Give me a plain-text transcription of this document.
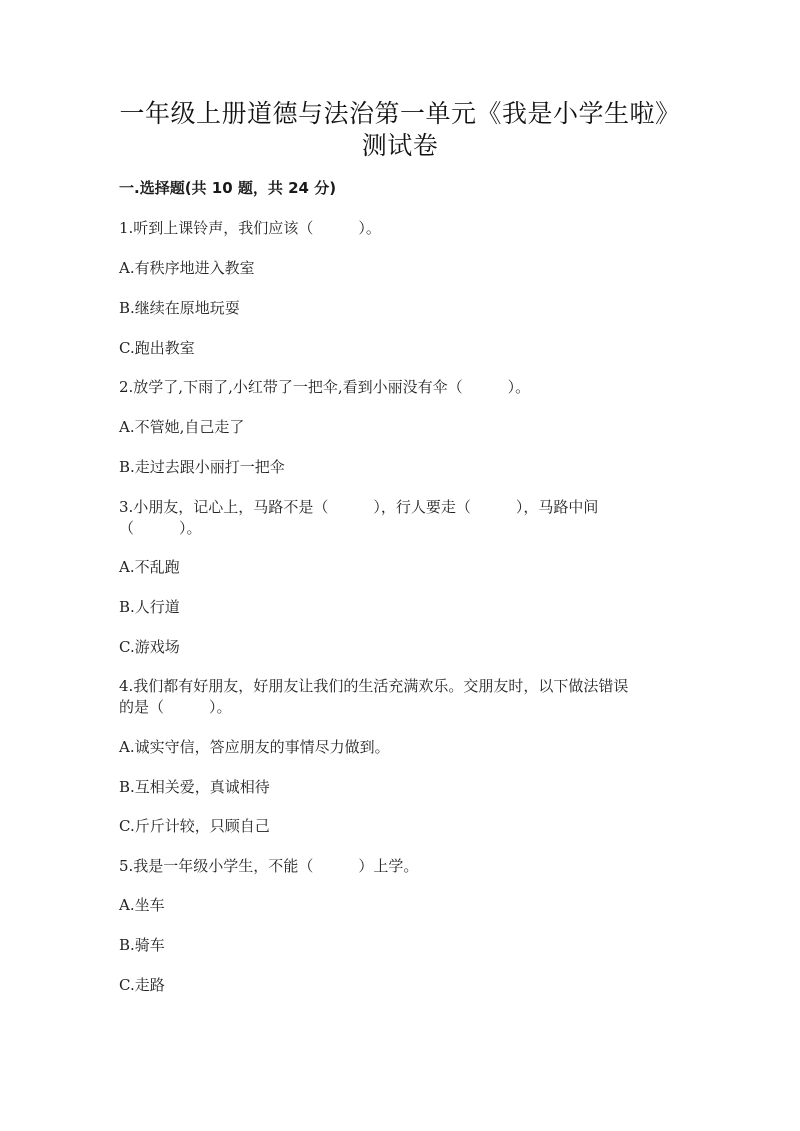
一年级上册道德与法治第一单元《我是小学生啦》
测试卷
一.选择题(共 10 题，共 24 分)
1.听到上课铃声，我们应该（　　　）。
A.有秩序地进入教室
B.继续在原地玩耍
C.跑出教室
2.放学了,下雨了,小红带了一把伞,看到小丽没有伞（　　　）。
A.不管她,自己走了
B.走过去跟小丽打一把伞
3.小朋友，记心上，马路不是（　　　），行人要走（　　　），马路中间
（　　　）。
A.不乱跑
B.人行道
C.游戏场
4.我们都有好朋友，好朋友让我们的生活充满欢乐。交朋友时，以下做法错误
的是（　　　）。
A.诚实守信，答应朋友的事情尽力做到。
B.互相关爱，真诚相待
C.斤斤计较，只顾自己
5.我是一年级小学生，不能（　　　）上学。
A.坐车
B.骑车
C.走路
